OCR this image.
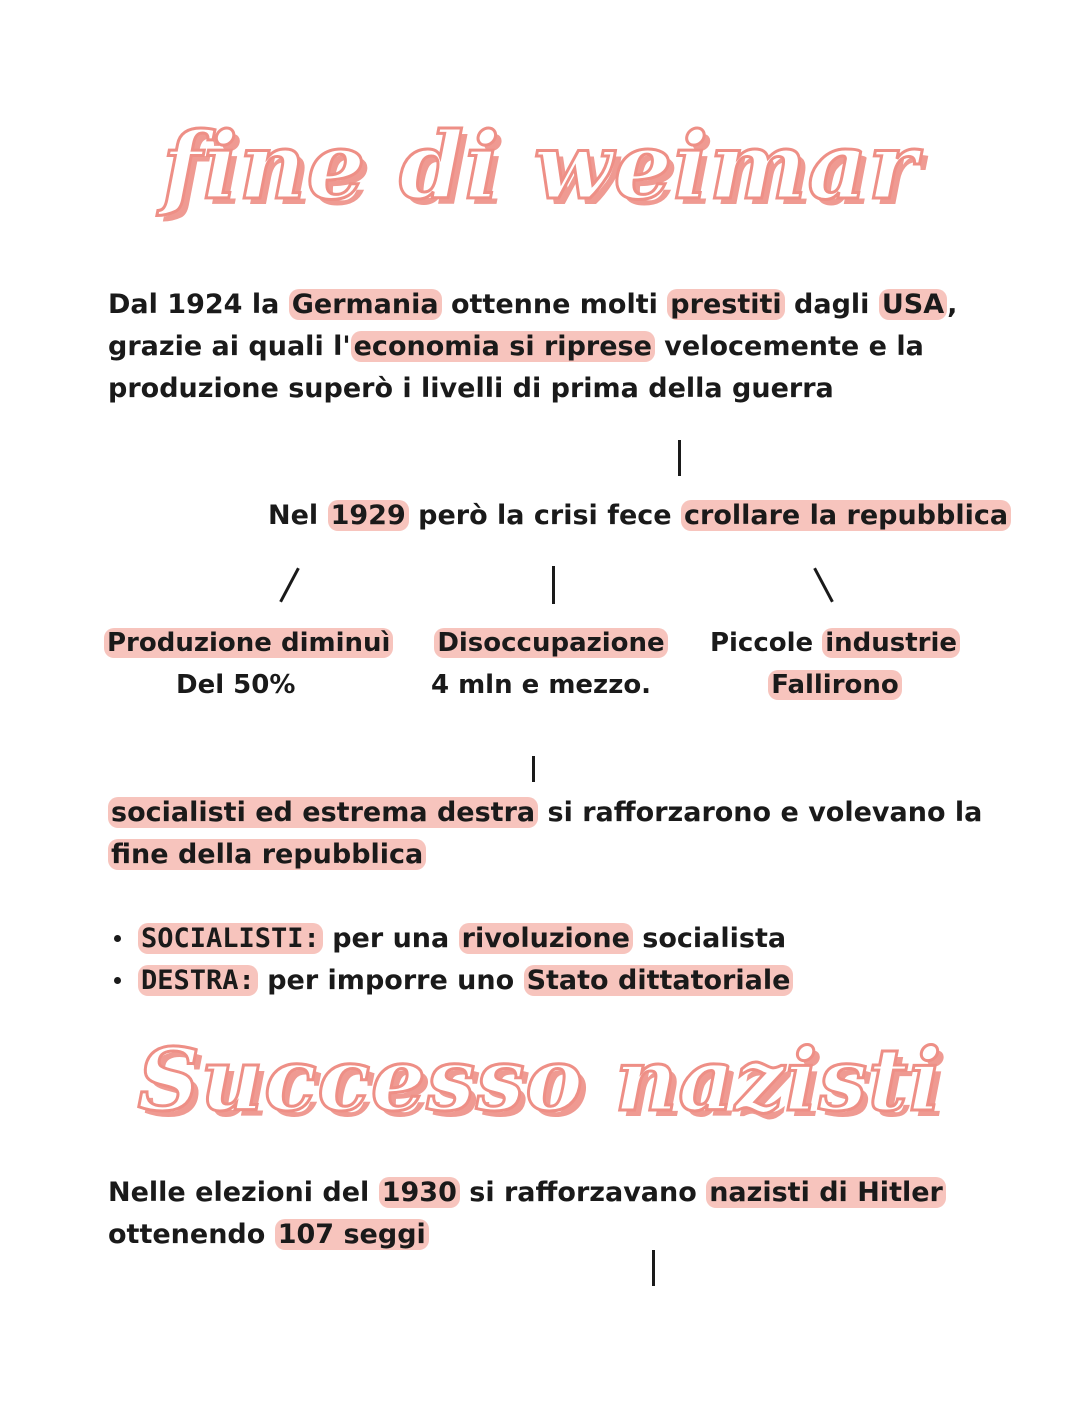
fine di weimar
Dal 1924 la Germania ottenne molti prestiti dagli USA , grazie ai quali l' economia si riprese velocemente e la produzione superò i livelli di prima della guerra
Nel 1929 però la crisi fece crollare la repubblica
Produzione diminuì
Del 50%
Disoccupazione
4 mln e mezzo.
Piccole industrie
Fallirono
socialisti ed estrema destra si rafforzarono e volevano la fine della repubblica
SOCIALISTI: per una rivoluzione socialista
DESTRA: per imporre uno Stato dittatoriale
Successo nazisti
Nelle elezioni del 1930 si rafforzavano nazisti di Hitler
ottenendo 107 seggi
